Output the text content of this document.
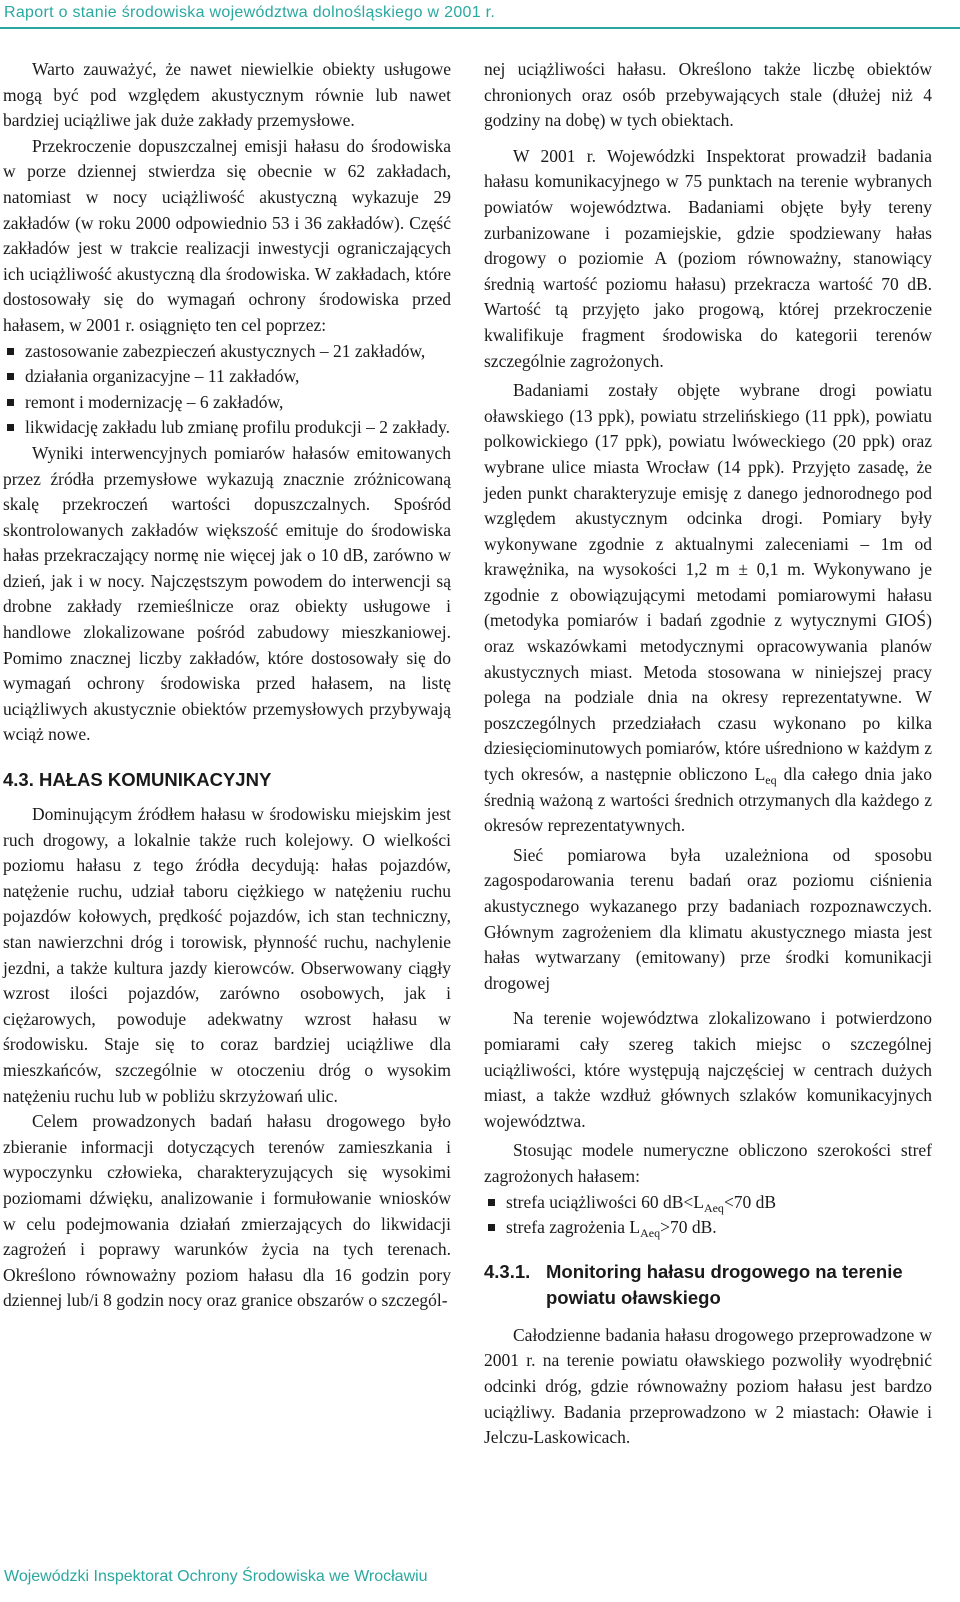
Raport o stanie środowiska województwa dolnośląskiego w 2001 r.

Warto zauważyć, że nawet niewielkie obiekty usługowe mogą być pod względem akustycznym równie lub nawet bardziej uciążliwe jak duże zakłady przemysłowe.

Przekroczenie dopuszczalnej emisji hałasu do środowiska w porze dziennej stwierdza się obecnie w 62 zakładach, natomiast w nocy uciążliwość akustyczną wykazuje 29 zakładów (w roku 2000 odpowiednio 53 i 36 zakładów). Część zakładów jest w trakcie realizacji inwestycji ograniczających ich uciążliwość akustyczną dla środowiska. W zakładach, które dostosowały się do wymagań ochrony środowiska przed hałasem, w 2001 r. osiągnięto ten cel poprzez:

zastosowanie zabezpieczeń akustycznych – 21 zakładów,
działania organizacyjne – 11 zakładów,
remont i modernizację – 6 zakładów,
likwidację zakładu lub zmianę profilu produkcji – 2 zakłady.

Wyniki interwencyjnych pomiarów hałasów emitowanych przez źródła przemysłowe wykazują znacznie zróżnicowaną skalę przekroczeń wartości dopuszczalnych. Spośród skontrolowanych zakładów większość emituje do środowiska hałas przekraczający normę nie więcej jak o 10 dB, zarówno w dzień, jak i w nocy. Najczęstszym powodem do interwencji są drobne zakłady rzemieślnicze oraz obiekty usługowe i handlowe zlokalizowane pośród zabudowy mieszkaniowej. Pomimo znacznej liczby zakładów, które dostosowały się do wymagań ochrony środowiska przed hałasem, na listę uciążliwych akustycznie obiektów przemysłowych przybywają wciąż nowe.

4.3. HAŁAS KOMUNIKACYJNY

Dominującym źródłem hałasu w środowisku miejskim jest ruch drogowy, a lokalnie także ruch kolejowy. O wielkości poziomu hałasu z tego źródła decydują: hałas pojazdów, natężenie ruchu, udział taboru ciężkiego w natężeniu ruchu pojazdów kołowych, prędkość pojazdów, ich stan techniczny, stan nawierzchni dróg i torowisk, płynność ruchu, nachylenie jezdni, a także kultura jazdy kierowców. Obserwowany ciągły wzrost ilości pojazdów, zarówno osobowych, jak i ciężarowych, powoduje adekwatny wzrost hałasu w środowisku. Staje się to coraz bardziej uciążliwe dla mieszkańców, szczególnie w otoczeniu dróg o wysokim natężeniu ruchu lub w pobliżu skrzyżowań ulic.

Celem prowadzonych badań hałasu drogowego było zbieranie informacji dotyczących terenów zamieszkania i wypoczynku człowieka, charakteryzujących się wysokimi poziomami dźwięku, analizowanie i formułowanie wniosków w celu podejmowania działań zmierzających do likwidacji zagrożeń i poprawy warunków życia na tych terenach. Określono równoważny poziom hałasu dla 16 godzin pory dziennej lub/i 8 godzin nocy oraz granice obszarów o szczegól-

nej uciążliwości hałasu. Określono także liczbę obiektów chronionych oraz osób przebywających stale (dłużej niż 4 godziny na dobę) w tych obiektach.

W 2001 r. Wojewódzki Inspektorat prowadził badania hałasu komunikacyjnego w 75 punktach na terenie wybranych powiatów województwa. Badaniami objęte były tereny zurbanizowane i pozamiejskie, gdzie spodziewany hałas drogowy o poziomie A (poziom równoważny, stanowiący średnią wartość poziomu hałasu) przekracza wartość 70 dB. Wartość tą przyjęto jako progową, której przekroczenie kwalifikuje fragment środowiska do kategorii terenów szczególnie zagrożonych.

Badaniami zostały objęte wybrane drogi powiatu oławskiego (13 ppk), powiatu strzelińskiego (11 ppk), powiatu polkowickiego (17 ppk), powiatu lwóweckiego (20 ppk) oraz wybrane ulice miasta Wrocław (14 ppk). Przyjęto zasadę, że jeden punkt charakteryzuje emisję z danego jednorodnego pod względem akustycznym odcinka drogi. Pomiary były wykonywane zgodnie z aktualnymi zaleceniami – 1m od krawężnika, na wysokości 1,2 m ± 0,1 m. Wykonywano je zgodnie z obowiązującymi metodami pomiarowymi hałasu (metodyka pomiarów i badań zgodnie z wytycznymi GIOŚ) oraz wskazówkami metodycznymi opracowywania planów akustycznych miast. Metoda stosowana w niniejszej pracy polega na podziale dnia na okresy reprezentatywne. W poszczególnych przedziałach czasu wykonano po kilka dziesięciominutowych pomiarów, które uśredniono w każdym z tych okresów, a następnie obliczono $L_{eq}$ dla całego dnia jako średnią ważoną z wartości średnich otrzymanych dla każdego z okresów reprezentatywnych.

Sieć pomiarowa była uzależniona od sposobu zagospodarowania terenu badań oraz poziomu ciśnienia akustycznego wykazanego przy badaniach rozpoznawczych. Głównym zagrożeniem dla klimatu akustycznego miasta jest hałas wytwarzany (emitowany) prze środki komunikacji drogowej

Na terenie województwa zlokalizowano i potwierdzono pomiarami cały szereg takich miejsc o szczególnej uciążliwości, które występują najczęściej w centrach dużych miast, a także wzdłuż głównych szlaków komunikacyjnych województwa.

Stosując modele numeryczne obliczono szerokości stref zagrożonych hałasem:

strefa uciążliwości 60 $dB<L_{Aeq}<70$ dB
strefa zagrożenia $L_{Aeq}>70$ dB.
4.3.1. Monitoring hałasu drogowego na terenie powiatu oławskiego

Całodzienne badania hałasu drogowego przeprowadzone w 2001 r. na terenie powiatu oławskiego pozwoliły wyodrębnić odcinki dróg, gdzie równoważny poziom hałasu jest bardzo uciążliwy. Badania przeprowadzono w 2 miastach: Oławie i Jelczu-Laskowicach.

Wojewódzki Inspektorat Ochrony Środowiska we Wrocławiu
